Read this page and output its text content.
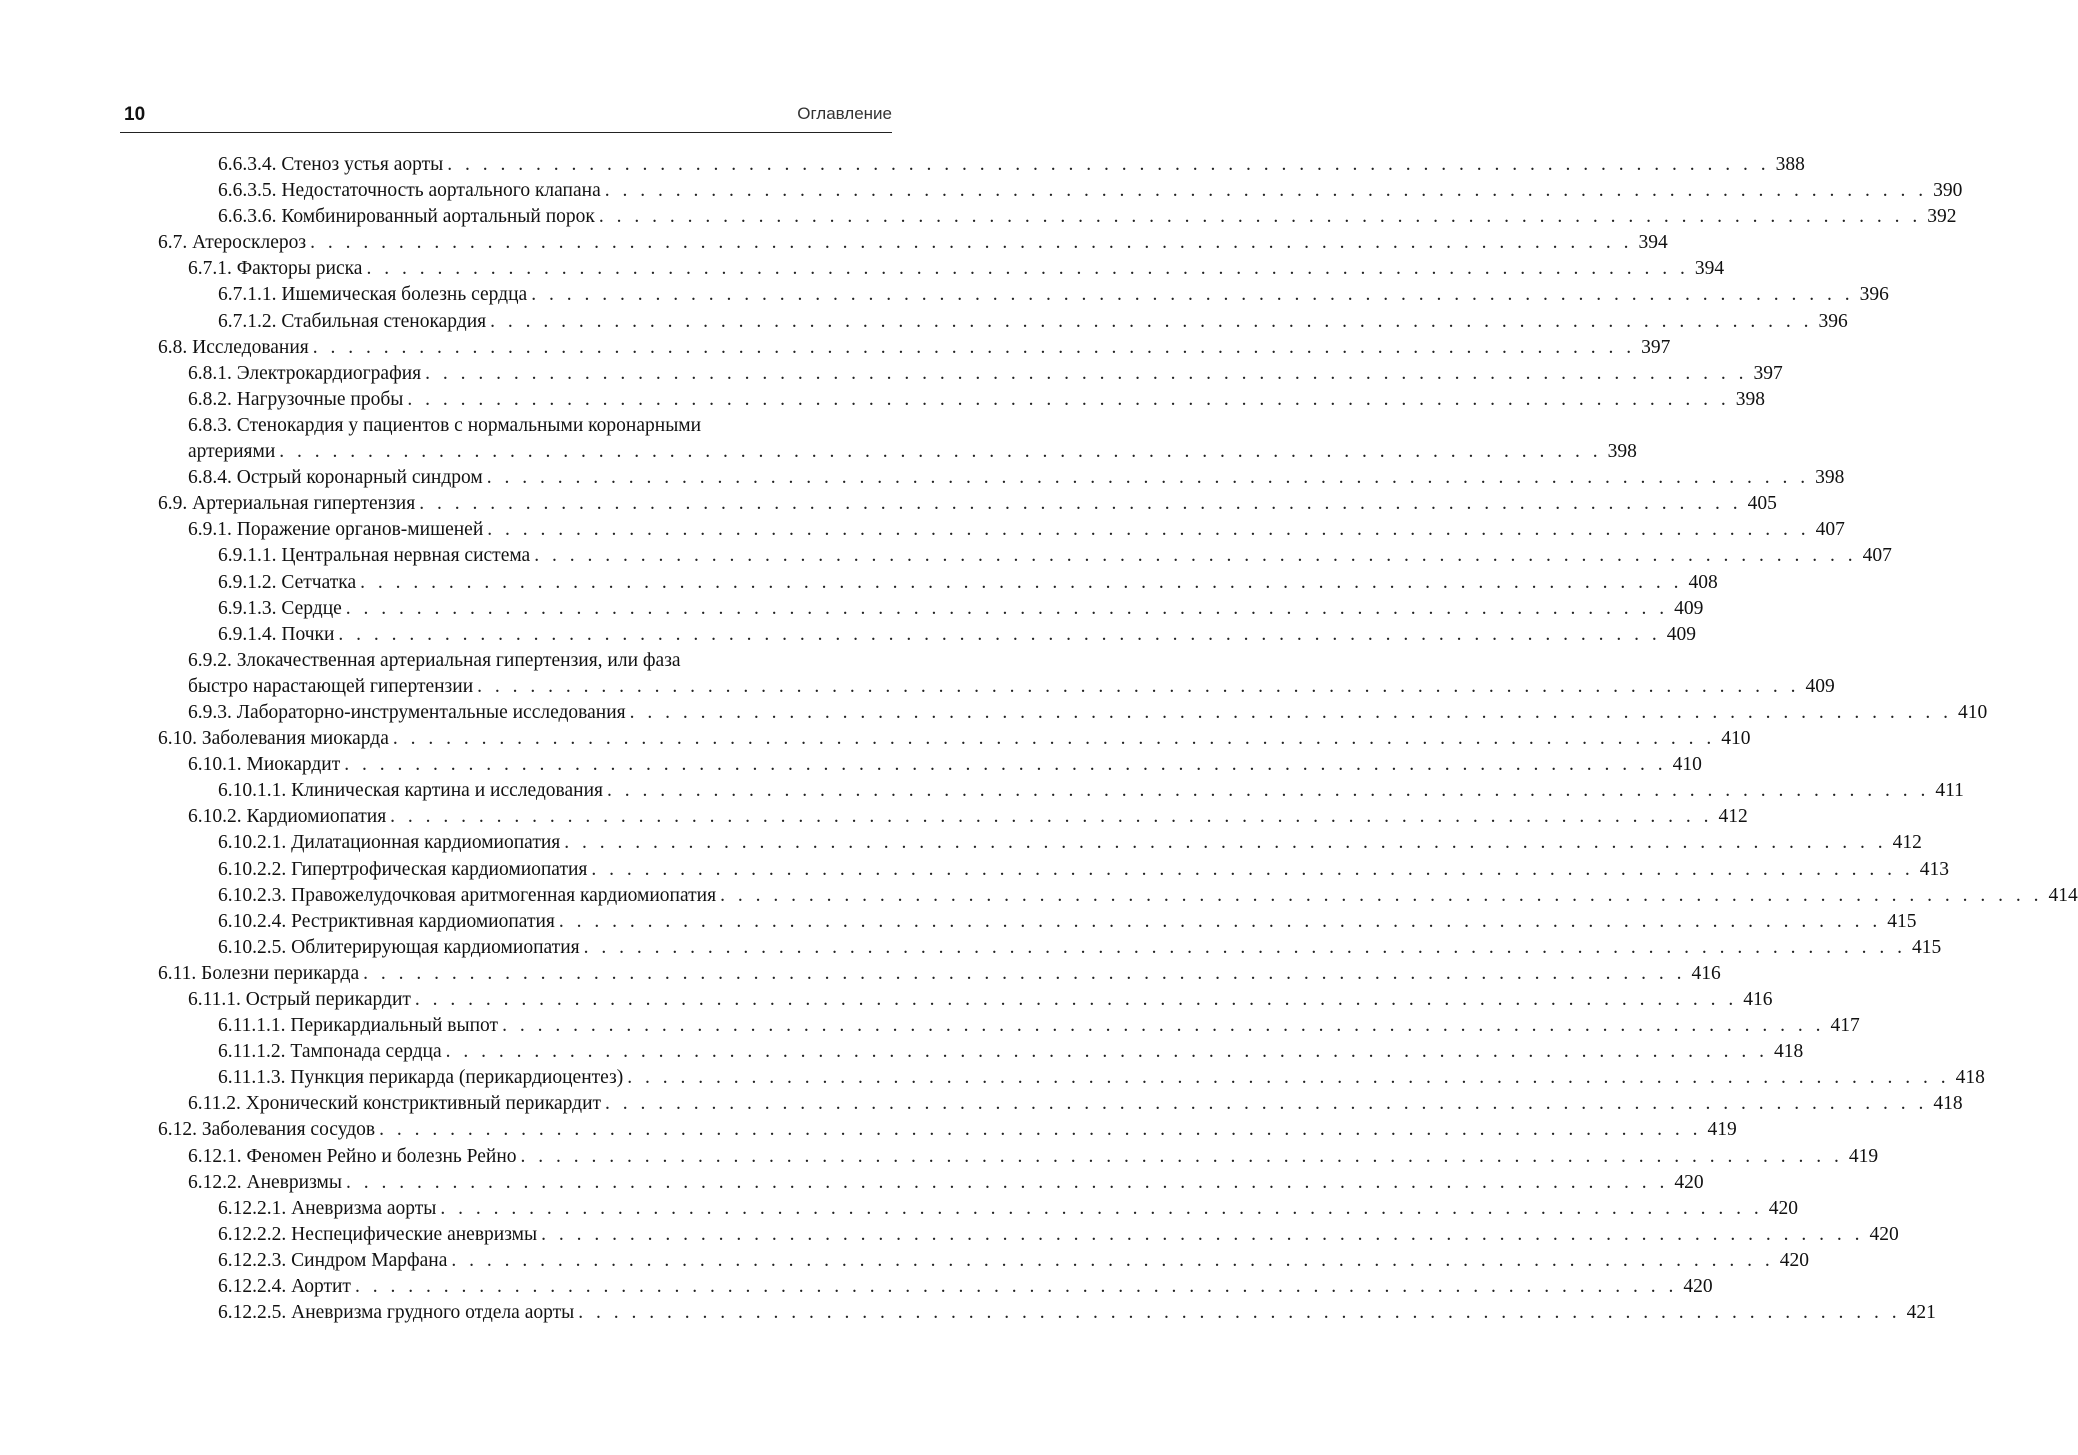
10	Оглавление
6.6.3.4. Стеноз устья аорты . . . . . . . . . . . . . . . . . . . . . . . . . . . . . . . . . . . . . . . . . . . . . . . . . . . . . . . . . . . . . . . . . . . . . . . . . . . 388
6.6.3.5. Недостаточность аортального клапана . . . . . . . . . . . . . . . . . . . . . . . . . . . . . . . . . . . . . . . . . . . . . . . . . . . . . . . . . . . . . . . . . . . . . . . . . . . 390
6.6.3.6. Комбинированный аортальный порок . . . . . . . . . . . . . . . . . . . . . . . . . . . . . . . . . . . . . . . . . . . . . . . . . . . . . . . . . . . . . . . . . . . . . . . . . . . 392
6.7. Атеросклероз . . . . . . . . . . . . . . . . . . . . . . . . . . . . . . . . . . . . . . . . . . . . . . . . . . . . . . . . . . . . . . . . . . . . . . . . . . . 394
6.7.1. Факторы риска . . . . . . . . . . . . . . . . . . . . . . . . . . . . . . . . . . . . . . . . . . . . . . . . . . . . . . . . . . . . . . . . . . . . . . . . . . . 394
6.7.1.1. Ишемическая болезнь сердца . . . . . . . . . . . . . . . . . . . . . . . . . . . . . . . . . . . . . . . . . . . . . . . . . . . . . . . . . . . . . . . . . . . . . . . . . . . 396
6.7.1.2. Стабильная стенокардия . . . . . . . . . . . . . . . . . . . . . . . . . . . . . . . . . . . . . . . . . . . . . . . . . . . . . . . . . . . . . . . . . . . . . . . . . . . 396
6.8. Исследования . . . . . . . . . . . . . . . . . . . . . . . . . . . . . . . . . . . . . . . . . . . . . . . . . . . . . . . . . . . . . . . . . . . . . . . . . . . 397
6.8.1. Электрокардиография . . . . . . . . . . . . . . . . . . . . . . . . . . . . . . . . . . . . . . . . . . . . . . . . . . . . . . . . . . . . . . . . . . . . . . . . . . . 397
6.8.2. Нагрузочные пробы . . . . . . . . . . . . . . . . . . . . . . . . . . . . . . . . . . . . . . . . . . . . . . . . . . . . . . . . . . . . . . . . . . . . . . . . . . . 398
6.8.3. Стенокардия у пациентов с нормальными коронарными
артериями . . . . . . . . . . . . . . . . . . . . . . . . . . . . . . . . . . . . . . . . . . . . . . . . . . . . . . . . . . . . . . . . . . . . . . . . . . . 398
6.8.4. Острый коронарный синдром . . . . . . . . . . . . . . . . . . . . . . . . . . . . . . . . . . . . . . . . . . . . . . . . . . . . . . . . . . . . . . . . . . . . . . . . . . . 398
6.9. Артериальная гипертензия . . . . . . . . . . . . . . . . . . . . . . . . . . . . . . . . . . . . . . . . . . . . . . . . . . . . . . . . . . . . . . . . . . . . . . . . . . . 405
6.9.1. Поражение органов-мишеней . . . . . . . . . . . . . . . . . . . . . . . . . . . . . . . . . . . . . . . . . . . . . . . . . . . . . . . . . . . . . . . . . . . . . . . . . . . 407
6.9.1.1. Центральная нервная система . . . . . . . . . . . . . . . . . . . . . . . . . . . . . . . . . . . . . . . . . . . . . . . . . . . . . . . . . . . . . . . . . . . . . . . . . . . 407
6.9.1.2. Сетчатка . . . . . . . . . . . . . . . . . . . . . . . . . . . . . . . . . . . . . . . . . . . . . . . . . . . . . . . . . . . . . . . . . . . . . . . . . . . 408
6.9.1.3. Сердце . . . . . . . . . . . . . . . . . . . . . . . . . . . . . . . . . . . . . . . . . . . . . . . . . . . . . . . . . . . . . . . . . . . . . . . . . . . 409
6.9.1.4. Почки . . . . . . . . . . . . . . . . . . . . . . . . . . . . . . . . . . . . . . . . . . . . . . . . . . . . . . . . . . . . . . . . . . . . . . . . . . . 409
6.9.2. Злокачественная артериальная гипертензия, или фаза
быстро нарастающей гипертензии . . . . . . . . . . . . . . . . . . . . . . . . . . . . . . . . . . . . . . . . . . . . . . . . . . . . . . . . . . . . . . . . . . . . . . . . . . . 409
6.9.3. Лабораторно-инструментальные исследования . . . . . . . . . . . . . . . . . . . . . . . . . . . . . . . . . . . . . . . . . . . . . . . . . . . . . . . . . . . . . . . . . . . . . . . . . . . 410
6.10. Заболевания миокарда . . . . . . . . . . . . . . . . . . . . . . . . . . . . . . . . . . . . . . . . . . . . . . . . . . . . . . . . . . . . . . . . . . . . . . . . . . . 410
6.10.1. Миокардит . . . . . . . . . . . . . . . . . . . . . . . . . . . . . . . . . . . . . . . . . . . . . . . . . . . . . . . . . . . . . . . . . . . . . . . . . . . 410
6.10.1.1. Клиническая картина и исследования . . . . . . . . . . . . . . . . . . . . . . . . . . . . . . . . . . . . . . . . . . . . . . . . . . . . . . . . . . . . . . . . . . . . . . . . . . . 411
6.10.2. Кардиомиопатия . . . . . . . . . . . . . . . . . . . . . . . . . . . . . . . . . . . . . . . . . . . . . . . . . . . . . . . . . . . . . . . . . . . . . . . . . . . 412
6.10.2.1. Дилатационная кардиомиопатия . . . . . . . . . . . . . . . . . . . . . . . . . . . . . . . . . . . . . . . . . . . . . . . . . . . . . . . . . . . . . . . . . . . . . . . . . . . 412
6.10.2.2. Гипертрофическая кардиомиопатия . . . . . . . . . . . . . . . . . . . . . . . . . . . . . . . . . . . . . . . . . . . . . . . . . . . . . . . . . . . . . . . . . . . . . . . . . . . 413
6.10.2.3. Правожелудочковая аритмогенная кардиомиопатия . . . . . . . . . . . . . . . . . . . . . . . . . . . . . . . . . . . . . . . . . . . . . . . . . . . . . . . . . . . . . . . . . . . . . . . . . . . 414
6.10.2.4. Рестриктивная кардиомиопатия . . . . . . . . . . . . . . . . . . . . . . . . . . . . . . . . . . . . . . . . . . . . . . . . . . . . . . . . . . . . . . . . . . . . . . . . . . . 415
6.10.2.5. Облитерирующая кардиомиопатия . . . . . . . . . . . . . . . . . . . . . . . . . . . . . . . . . . . . . . . . . . . . . . . . . . . . . . . . . . . . . . . . . . . . . . . . . . . 415
6.11. Болезни перикарда . . . . . . . . . . . . . . . . . . . . . . . . . . . . . . . . . . . . . . . . . . . . . . . . . . . . . . . . . . . . . . . . . . . . . . . . . . . 416
6.11.1. Острый перикардит . . . . . . . . . . . . . . . . . . . . . . . . . . . . . . . . . . . . . . . . . . . . . . . . . . . . . . . . . . . . . . . . . . . . . . . . . . . 416
6.11.1.1. Перикардиальный выпот . . . . . . . . . . . . . . . . . . . . . . . . . . . . . . . . . . . . . . . . . . . . . . . . . . . . . . . . . . . . . . . . . . . . . . . . . . . 417
6.11.1.2. Тампонада сердца . . . . . . . . . . . . . . . . . . . . . . . . . . . . . . . . . . . . . . . . . . . . . . . . . . . . . . . . . . . . . . . . . . . . . . . . . . . 418
6.11.1.3. Пункция перикарда (перикардиоцентез) . . . . . . . . . . . . . . . . . . . . . . . . . . . . . . . . . . . . . . . . . . . . . . . . . . . . . . . . . . . . . . . . . . . . . . . . . . . 418
6.11.2. Хронический констриктивный перикардит . . . . . . . . . . . . . . . . . . . . . . . . . . . . . . . . . . . . . . . . . . . . . . . . . . . . . . . . . . . . . . . . . . . . . . . . . . . 418
6.12. Заболевания сосудов . . . . . . . . . . . . . . . . . . . . . . . . . . . . . . . . . . . . . . . . . . . . . . . . . . . . . . . . . . . . . . . . . . . . . . . . . . . 419
6.12.1. Феномен Рейно и болезнь Рейно . . . . . . . . . . . . . . . . . . . . . . . . . . . . . . . . . . . . . . . . . . . . . . . . . . . . . . . . . . . . . . . . . . . . . . . . . . . 419
6.12.2. Аневризмы . . . . . . . . . . . . . . . . . . . . . . . . . . . . . . . . . . . . . . . . . . . . . . . . . . . . . . . . . . . . . . . . . . . . . . . . . . . 420
6.12.2.1. Аневризма аорты . . . . . . . . . . . . . . . . . . . . . . . . . . . . . . . . . . . . . . . . . . . . . . . . . . . . . . . . . . . . . . . . . . . . . . . . . . . 420
6.12.2.2. Неспецифические аневризмы . . . . . . . . . . . . . . . . . . . . . . . . . . . . . . . . . . . . . . . . . . . . . . . . . . . . . . . . . . . . . . . . . . . . . . . . . . . 420
6.12.2.3. Синдром Марфана . . . . . . . . . . . . . . . . . . . . . . . . . . . . . . . . . . . . . . . . . . . . . . . . . . . . . . . . . . . . . . . . . . . . . . . . . . . 420
6.12.2.4. Аортит . . . . . . . . . . . . . . . . . . . . . . . . . . . . . . . . . . . . . . . . . . . . . . . . . . . . . . . . . . . . . . . . . . . . . . . . . . . 420
6.12.2.5. Аневризма грудного отдела аорты . . . . . . . . . . . . . . . . . . . . . . . . . . . . . . . . . . . . . . . . . . . . . . . . . . . . . . . . . . . . . . . . . . . . . . . . . . . 421
